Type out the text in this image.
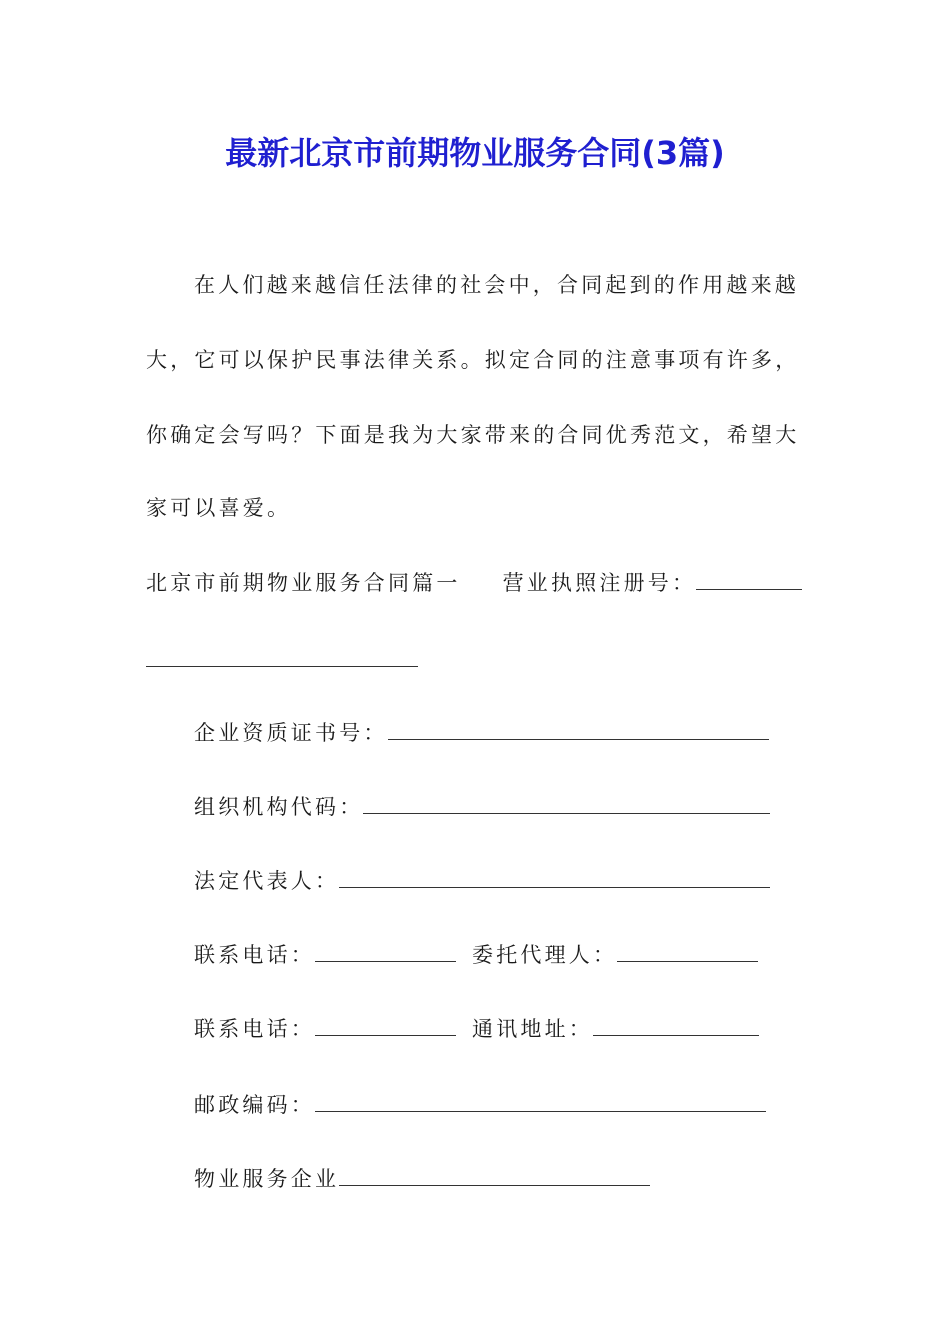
最新北京市前期物业服务合同(3篇)
在人们越来越信任法律的社会中，合同起到的作用越来越
大，它可以保护民事法律关系。拟定合同的注意事项有许多，
你确定会写吗？下面是我为大家带来的合同优秀范文，希望大
家可以喜爱。
北京市前期物业服务合同篇一 营业执照注册号：
企业资质证书号：
组织机构代码：
法定代表人：
联系电话：	委托代理人：
联系电话：	通讯地址：
邮政编码：
物业服务企业
